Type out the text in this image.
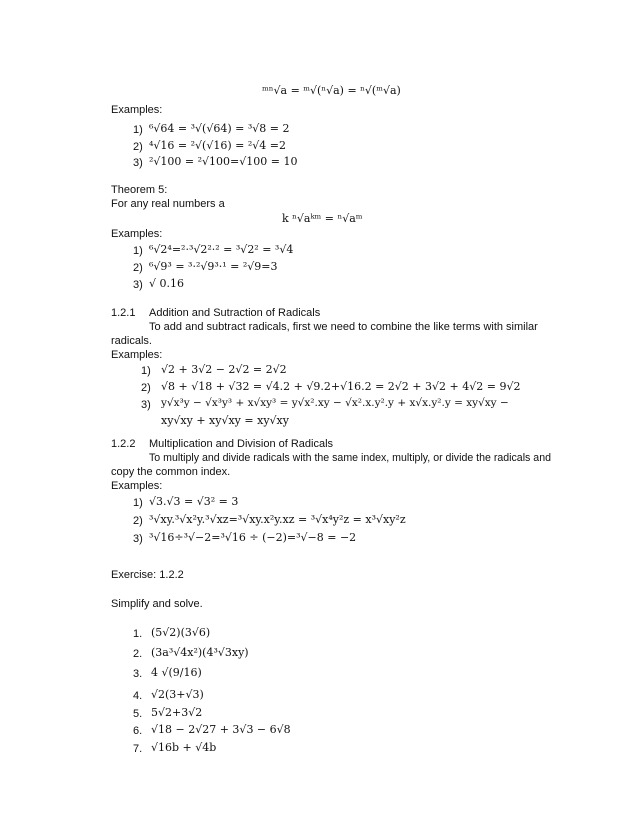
ᵐⁿ√a = ᵐ√(ⁿ√a) = ⁿ√(ᵐ√a)
Examples:
1) ⁶√64 = ³√(√64) = ³√8 = 2
2) ⁴√16 = ²√(√16) = ²√4 =2
3) ²√100 = ²√100=√100 = 10
Theorem 5:
For any real numbers a
k ⁿ√aᵏᵐ = ⁿ√aᵐ
Examples:
1) ⁶√2⁴=²·³√2²·² = ³√2² = ³√4
2) ⁶√9³ = ³·²√9³·¹ = ²√9=3
3) √ 0.16
1.2.1 Addition and Sutraction of Radicals
To add and subtract radicals, first we need to combine the like terms with similar
radicals.
Examples:
1) √2 + 3√2 − 2√2 = 2√2
2) √8 + √18 + √32 = √4.2 + √9.2+√16.2 = 2√2 + 3√2 + 4√2 = 9√2
3) y√x³y − √x³y³ + x√xy³ = y√x².xy − √x².x.y².y + x√x.y².y = xy√xy −
xy√xy + xy√xy = xy√xy
1.2.2 Multiplication and Division of Radicals
To multiply and divide radicals with the same index, multiply, or divide the radicals and
copy the common index.
Examples:
1) √3.√3 = √3² = 3
2) ³√xy.³√x²y.³√xz=³√xy.x²y.xz = ³√x⁴y²z = x³√xy²z
3) ³√16÷³√−2=³√16 ÷ (−2)=³√−8 = −2
Exercise: 1.2.2
Simplify and solve.
1. (5√2)(3√6)
2. (3a³√4x²)(4³√3xy)
3. 4 √(9/16)
4. √2(3+√3)
5. 5√2+3√2
6. √18 − 2√27 + 3√3 − 6√8
7. √16b + √4b
